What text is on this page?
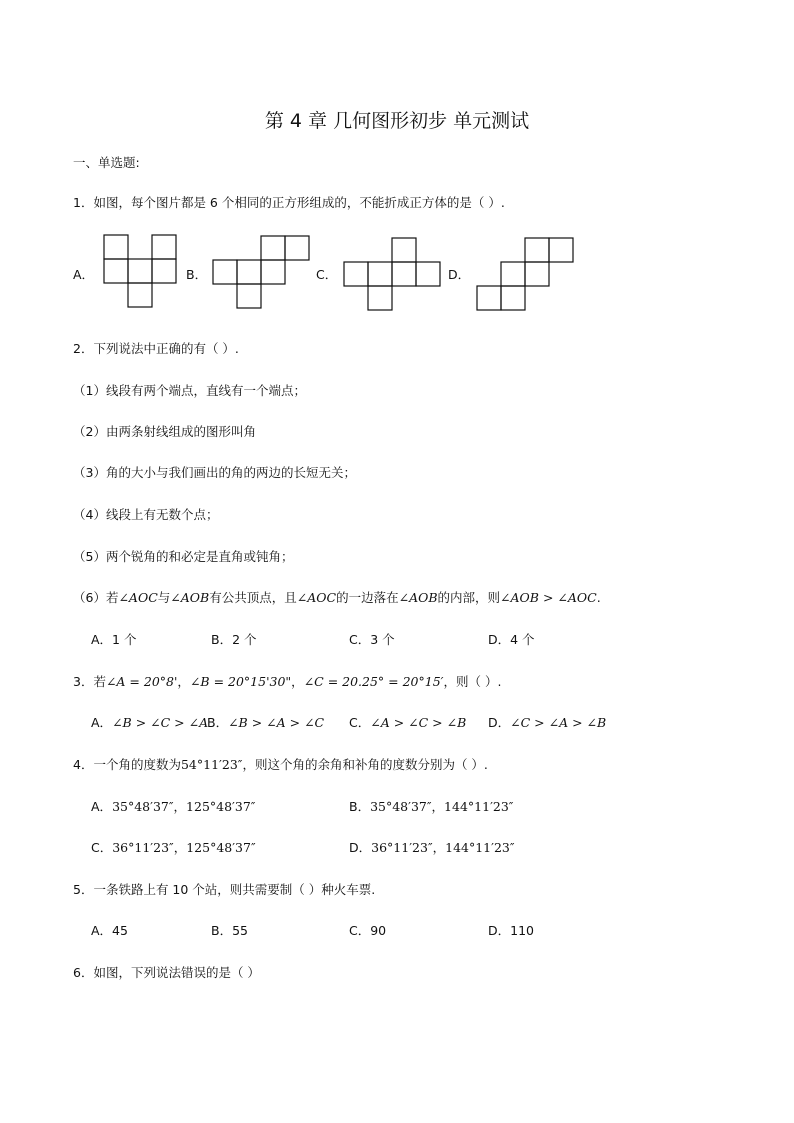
第 4 章 几何图形初步 单元测试
一、单选题:
1．如图，每个图片都是 6 个相同的正方形组成的，不能折成正方体的是（ ）.
A．	B．	C．	D．
2．下列说法中正确的有（ ）.
（1）线段有两个端点，直线有一个端点；
（2）由两条射线组成的图形叫角
（3）角的大小与我们画出的角的两边的长短无关；
（4）线段上有无数个点；
（5）两个锐角的和必定是直角或钝角；
（6）若∠AOC与∠AOB有公共顶点，且∠AOC的一边落在∠AOB的内部，则∠AOB > ∠AOC.
A．1 个	B．2 个	C．3 个	D．4 个
3．若∠A = 20°8'，∠B = 20°15'30"，∠C = 20.25° = 20°15′，则（ ）.
A．∠B > ∠C > ∠A
B．∠B > ∠A > ∠C C．∠A > ∠C > ∠B D．∠C > ∠A > ∠B
4．一个角的度数为54°11′23″，则这个角的余角和补角的度数分别为（ ）.
A．35°48′37″，125°48′37″	B．35°48′37″，144°11′23″
C．36°11′23″，125°48′37″	D．36°11′23″，144°11′23″
5．一条铁路上有 10 个站，则共需要制（ ）种火车票.
A．45	B．55	C．90	D．110
6．如图，下列说法错误的是（ ）
